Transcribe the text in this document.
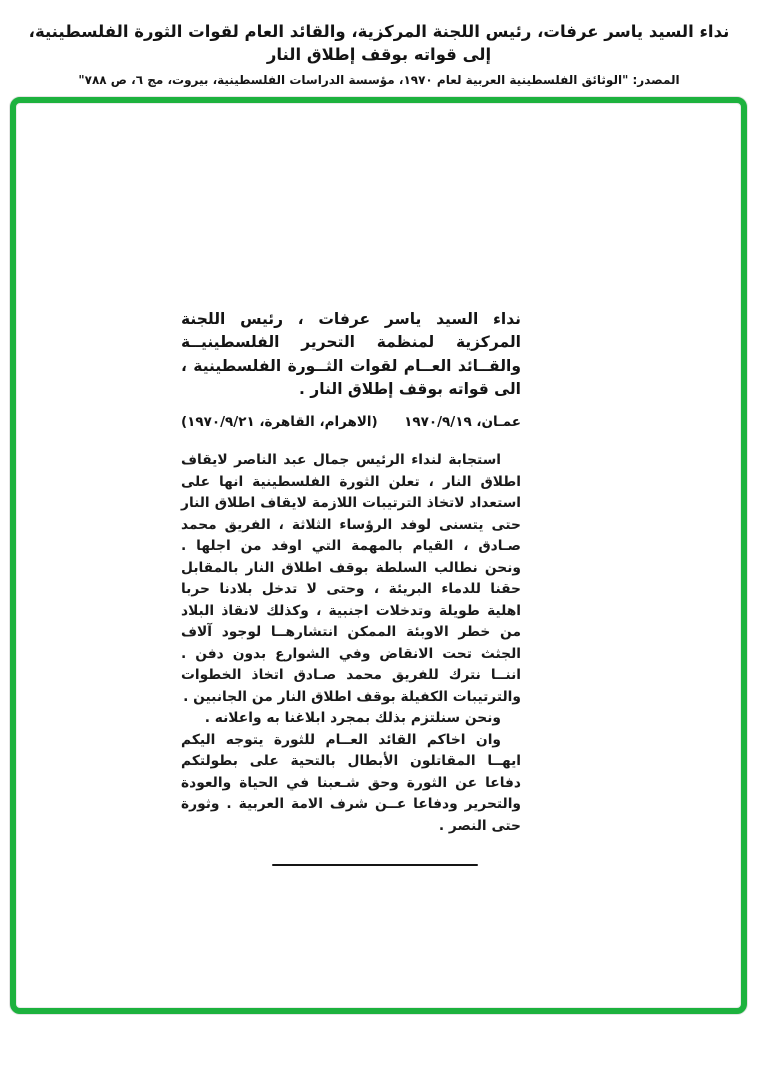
نداء السيد ياسر عرفات، رئيس اللجنة المركزية، والقائد العام لقوات الثورة الفلسطينية، إلى قواته بوقف إطلاق النار
المصدر: "الوثائق الفلسطينية العربية لعام ١٩٧٠، مؤسسة الدراسات الفلسطينية، بيروت، مج ٦، ص ٧٨٨"
نداء السيد ياسر عرفات ، رئيس اللجنة المركزية لمنظمة التحرير الفلسطينيــة والقــائد العــام لقوات الثــورة الفلسطينية ، الى قواته بوقف إطلاق النار .
عمـان، ١٩٧٠/٩/١٩
(الاهرام، القاهرة، ١٩٧٠/٩/٢١)

استجابة لنداء الرئيس جمال عبد الناصر لايقاف اطلاق النار ، تعلن الثورة الفلسطينية انها على استعداد لاتخاذ الترتيبات اللازمة لايقاف اطلاق النار حتى يتسنى لوفد الرؤساء الثلاثة ، الفريق محمد صـادق ، القيام بالمهمة التي اوفد من اجلها . ونحن نطالب السلطة بوقف اطلاق النار بالمقابل حقنا للدماء البريئة ، وحتى لا تدخل بلادنا حربا اهلية طويلة وتدخلات اجنبية ، وكذلك لانقاذ البلاد من خطر الاوبئة الممكن انتشارهــا لوجود آلاف الجثث تحت الانقاض وفي الشوارع بدون دفن . اننــا نترك للفريق محمد صـادق اتخاذ الخطوات والترتيبات الكفيلة بوقف اطلاق النار من الجانبين .

ونحن سنلتزم بذلك بمجرد ابلاغنا به واعلانه .

وان اخاكم القائد العــام للثورة يتوجه اليكم ايهــا المقاتلون الأبطال بالتحية على بطولتكم دفاعا عن الثورة وحق شـعبنا في الحياة والعودة والتحرير ودفاعا عــن شرف الامة العربية . وثورة حتى النصر .
